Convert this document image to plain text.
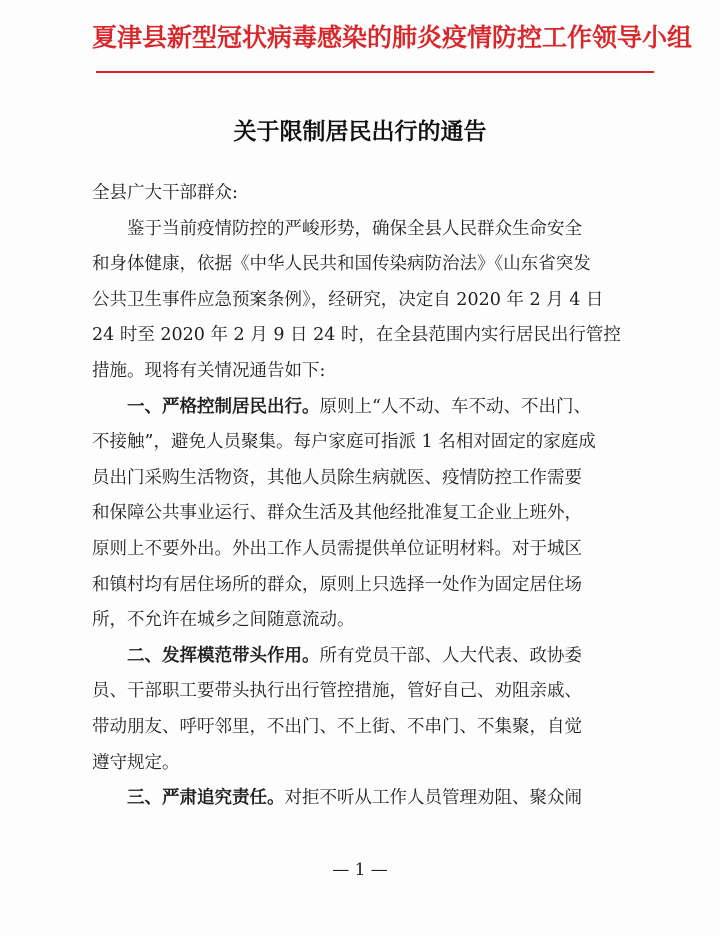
夏津县新型冠状病毒感染的肺炎疫情防控工作领导小组
关于限制居民出行的通告
全县广大干部群众:
鉴于当前疫情防控的严峻形势，确保全县人民群众生命安全
和身体健康，依据《中华人民共和国传染病防治法》《山东省突发
公共卫生事件应急预案条例》，经研究，决定自 2020 年 2 月 4 日
24 时至 2020 年 2 月 9 日 24 时，在全县范围内实行居民出行管控
措施。现将有关情况通告如下:
一、严格控制居民出行。原则上“人不动、车不动、不出门、
不接触”，避免人员聚集。每户家庭可指派 1 名相对固定的家庭成
员出门采购生活物资，其他人员除生病就医、疫情防控工作需要
和保障公共事业运行、群众生活及其他经批准复工企业上班外，
原则上不要外出。外出工作人员需提供单位证明材料。对于城区
和镇村均有居住场所的群众，原则上只选择一处作为固定居住场
所，不允许在城乡之间随意流动。
二、发挥模范带头作用。所有党员干部、人大代表、政协委
员、干部职工要带头执行出行管控措施，管好自己、劝阻亲戚、
带动朋友、呼吁邻里，不出门、不上街、不串门、不集聚，自觉
遵守规定。
三、严肃追究责任。对拒不听从工作人员管理劝阻、聚众闹
— 1 —
